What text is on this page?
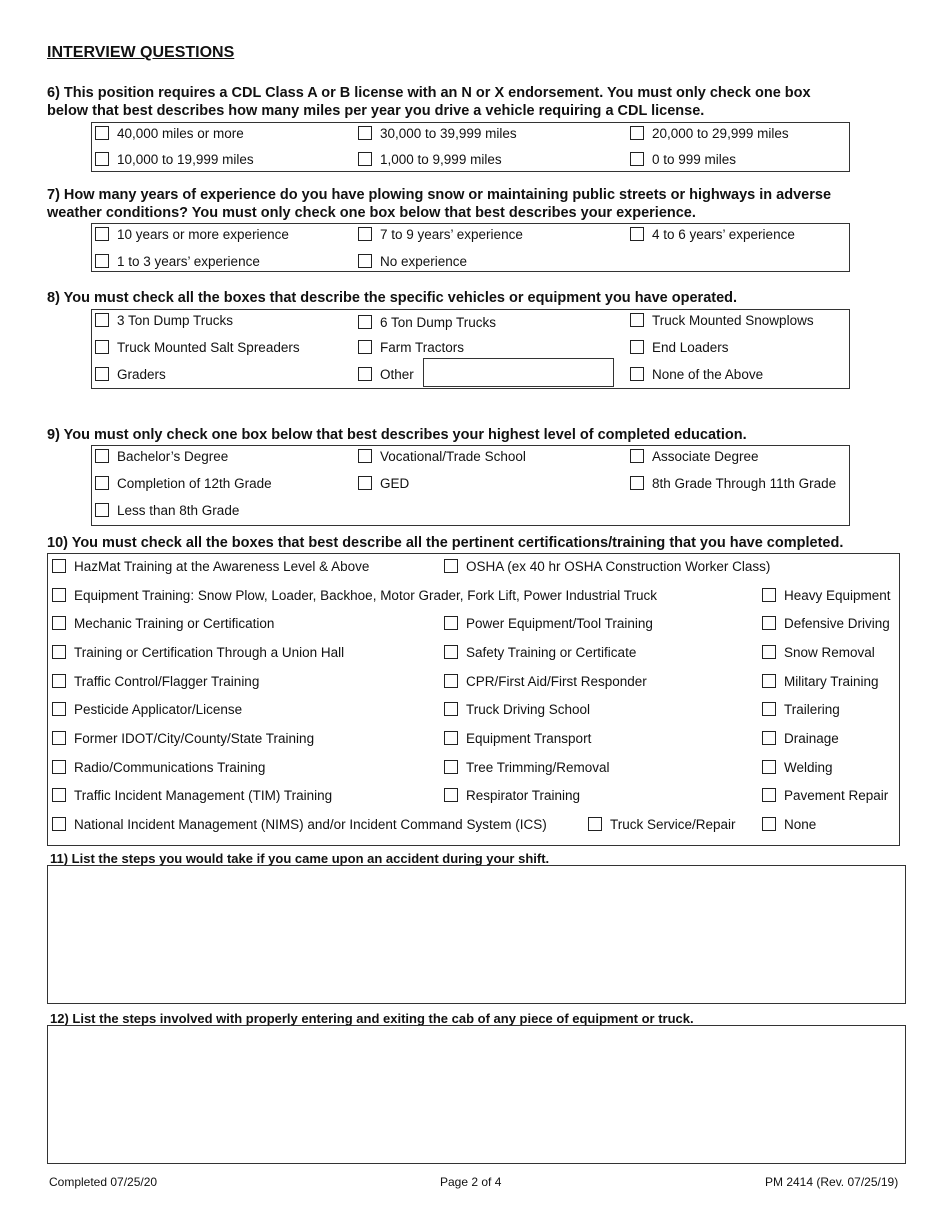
INTERVIEW QUESTIONS
6) This position requires a CDL Class A or B license with an N or X endorsement. You must only check one box
below that best describes how many miles per year you drive a vehicle requiring a CDL license.
40,000 miles or more	30,000 to 39,999 miles	20,000 to 29,999 miles
10,000 to 19,999 miles	1,000 to 9,999 miles	0 to 999 miles
7) How many years of experience do you have plowing snow or maintaining public streets or highways in adverse
weather conditions? You must only check one box below that best describes your experience.
10 years or more experience	7 to 9 years’ experience	4 to 6 years’ experience
1 to 3 years’ experience	No experience
8) You must check all the boxes that describe the specific vehicles or equipment you have operated.
3 Ton Dump Trucks	6 Ton Dump Trucks	Truck Mounted Snowplows
Truck Mounted Salt Spreaders	Farm Tractors	End Loaders
Graders	Other	None of the Above
9) You must only check one box below that best describes your highest level of completed education.
Bachelor’s Degree	Vocational/Trade School	Associate Degree
Completion of 12th Grade	GED	8th Grade Through 11th Grade
Less than 8th Grade
10) You must check all the boxes that best describe all the pertinent certifications/training that you have completed.
HazMat Training at the Awareness Level & Above	OSHA (ex 40 hr OSHA Construction Worker Class)
Equipment Training: Snow Plow, Loader, Backhoe, Motor Grader, Fork Lift, Power Industrial Truck	Heavy Equipment
Mechanic Training or Certification	Power Equipment/Tool Training	Defensive Driving
Training or Certification Through a Union Hall	Safety Training or Certificate	Snow Removal
Traffic Control/Flagger Training	CPR/First Aid/First Responder	Military Training
Pesticide Applicator/License	Truck Driving School	Trailering
Former IDOT/City/County/State Training	Equipment Transport	Drainage
Radio/Communications Training	Tree Trimming/Removal	Welding
Traffic Incident Management (TIM) Training	Respirator Training	Pavement Repair
National Incident Management (NIMS) and/or Incident Command System (ICS)	Truck Service/Repair	None
11) List the steps you would take if you came upon an accident during your shift.
12) List the steps involved with properly entering and exiting the cab of any piece of equipment or truck.
Completed 07/25/20	Page 2 of 4	PM 2414 (Rev. 07/25/19)
